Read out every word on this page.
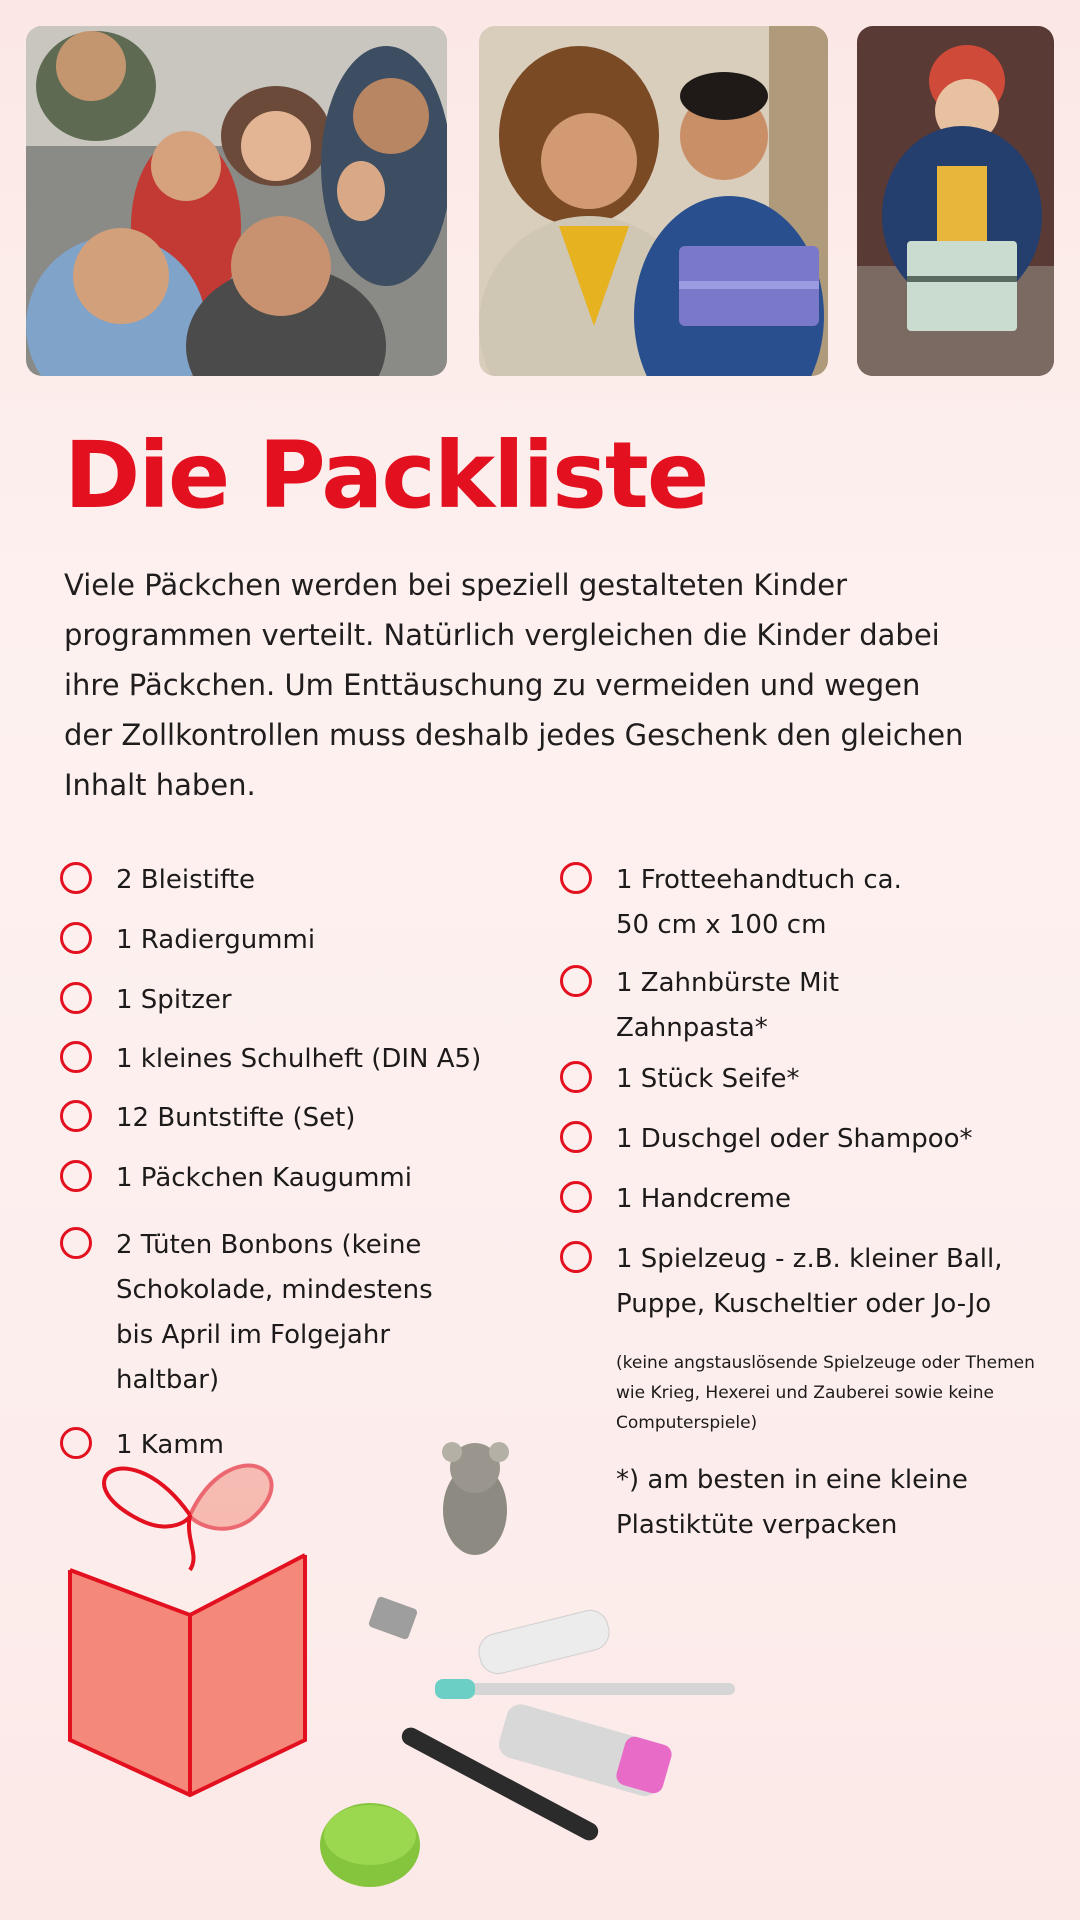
Die Packliste

Viele Päckchen werden bei speziell gestalteten Kinder programmen verteilt. Natürlich vergleichen die Kinder dabei ihre Päckchen. Um Enttäuschung zu vermeiden und wegen der Zollkontrollen muss deshalb jedes Geschenk den gleichen Inhalt haben.

2 Bleistifte
1 Radiergummi
1 Spitzer
1 kleines Schulheft (DIN A5)
12 Buntstifte (Set)
1 Päckchen Kaugummi
2 Tüten Bonbons (keine Schokolade, mindestens bis April im Folgejahr haltbar)
1 Kamm
1 Frotteehandtuch ca. 50 cm x 100 cm
1 Zahnbürste Mit Zahnpasta*
1 Stück Seife*
1 Duschgel oder Shampoo*
1 Handcreme
1 Spielzeug - z.B. kleiner Ball, Puppe, Kuscheltier oder Jo-Jo

(keine angstauslösende Spielzeuge oder Themen wie Krieg, Hexerei und Zauberei sowie keine Computerspiele)

*) am besten in eine kleine Plastiktüte verpacken
